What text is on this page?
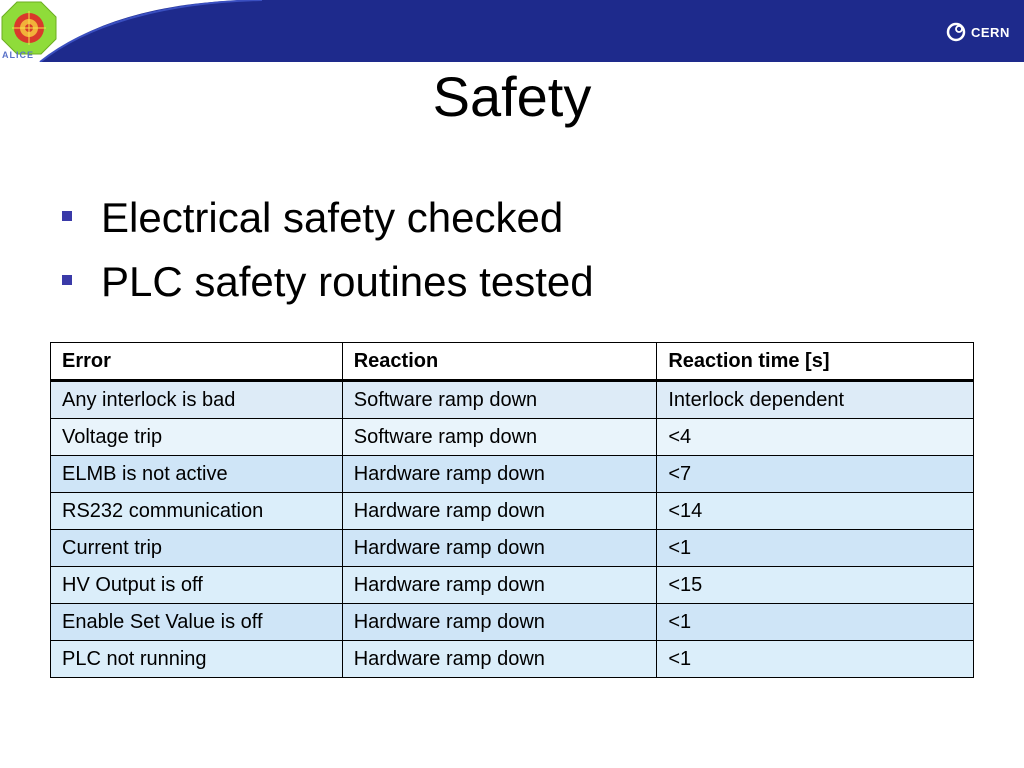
ALICE
CERN
Safety
Electrical safety checked
PLC safety routines tested
Error	Reaction	Reaction time [s]
Any interlock is bad	Software ramp down	Interlock dependent
Voltage trip	Software ramp down	<4
ELMB is not active	Hardware ramp down	<7
RS232 communication	Hardware ramp down	<14
Current trip	Hardware ramp down	<1
HV Output is off	Hardware ramp down	<15
Enable Set Value is off	Hardware ramp down	<1
PLC not running	Hardware ramp down	<1
